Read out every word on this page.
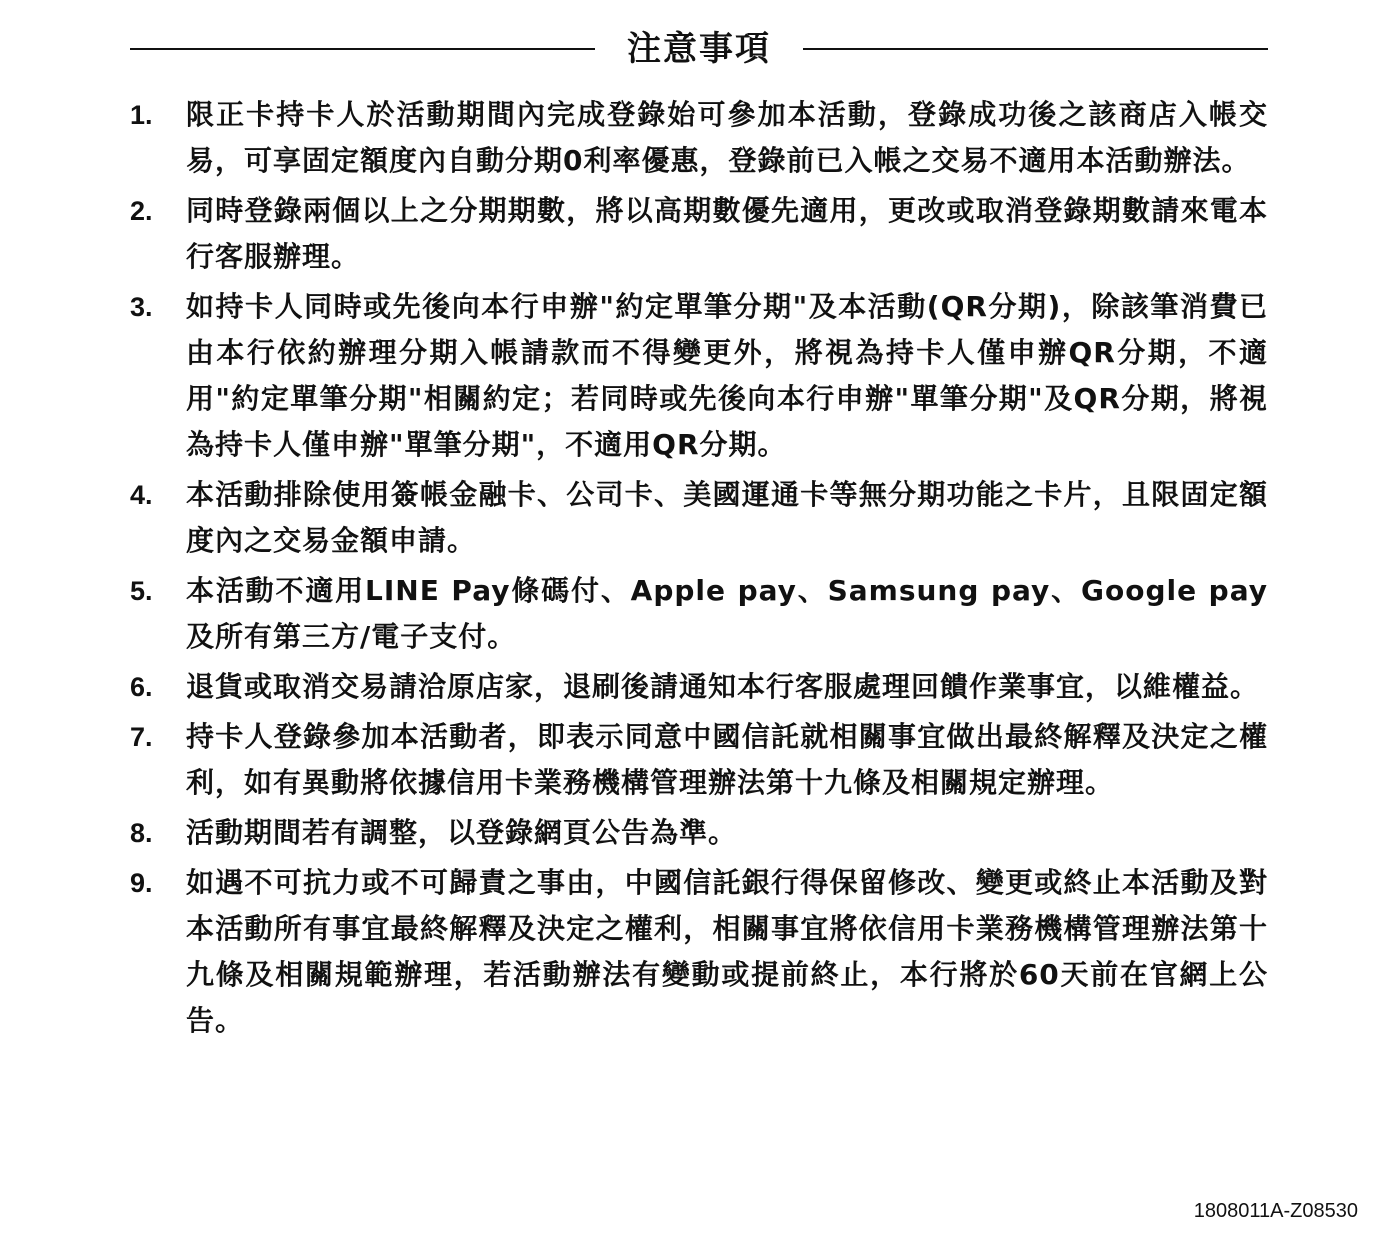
注意事項
1.	限正卡持卡人於活動期間內完成登錄始可參加本活動，登錄成功後之該商店入帳交易，可享固定額度內自動分期0利率優惠，登錄前已入帳之交易不適用本活動辦法。
2.	同時登錄兩個以上之分期期數，將以高期數優先適用，更改或取消登錄期數請來電本行客服辦理。
3.	如持卡人同時或先後向本行申辦"約定單筆分期"及本活動(QR分期)，除該筆消費已由本行依約辦理分期入帳請款而不得變更外，將視為持卡人僅申辦QR分期，不適用"約定單筆分期"相關約定；若同時或先後向本行申辦"單筆分期"及QR分期，將視為持卡人僅申辦"單筆分期"，不適用QR分期。
4.	本活動排除使用簽帳金融卡、公司卡、美國運通卡等無分期功能之卡片，且限固定額度內之交易金額申請。
5.	本活動不適用LINE Pay條碼付、Apple pay、Samsung pay、Google pay及所有第三方/電子支付。
6.	退貨或取消交易請洽原店家，退刷後請通知本行客服處理回饋作業事宜，以維權益。
7.	持卡人登錄參加本活動者，即表示同意中國信託就相關事宜做出最終解釋及決定之權利，如有異動將依據信用卡業務機構管理辦法第十九條及相關規定辦理。
8.	活動期間若有調整，以登錄網頁公告為準。
9.	如遇不可抗力或不可歸責之事由，中國信託銀行得保留修改、變更或終止本活動及對本活動所有事宜最終解釋及決定之權利，相關事宜將依信用卡業務機構管理辦法第十九條及相關規範辦理，若活動辦法有變動或提前終止，本行將於60天前在官網上公告。
1808011A-Z08530
